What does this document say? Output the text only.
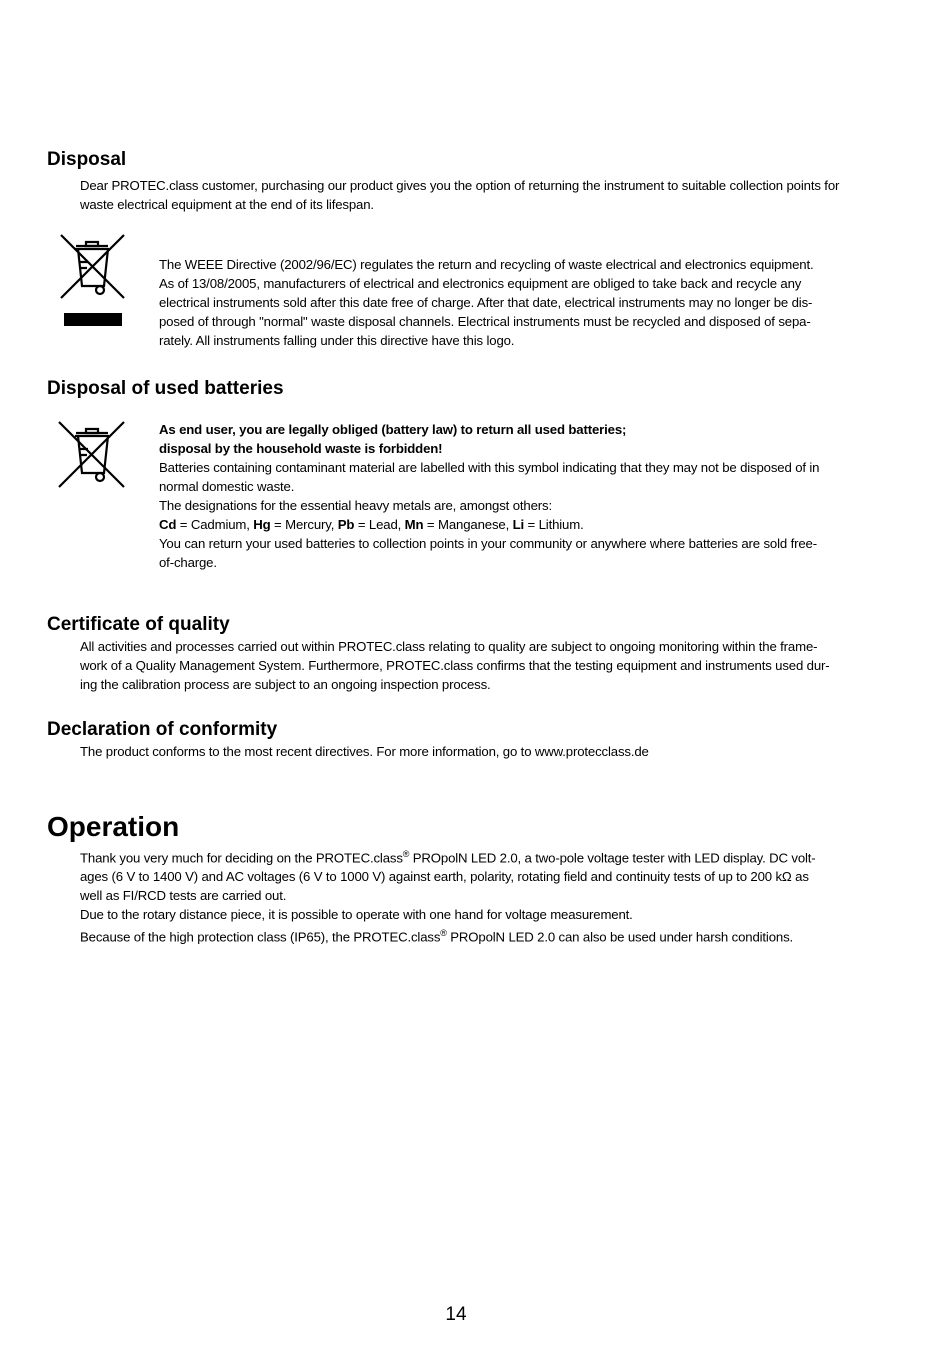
Disposal

Dear PROTEC.class customer, purchasing our product gives you the option of returning the instrument to suitable collection points for waste electrical equipment at the end of its lifespan.

The WEEE Directive (2002/96/EC) regulates the return and recycling of waste electrical and electronics equipment.

As of 13/08/2005, manufacturers of electrical and electronics equipment are obliged to take back and recycle any

electrical instruments sold after this date free of charge. After that date, electrical instruments may no longer be dis-

posed of through "normal" waste disposal channels. Electrical instruments must be recycled and disposed of sepa-

rately. All instruments falling under this directive have this logo.

Disposal of used batteries

As end user, you are legally obliged (battery law) to return all used batteries;

disposal by the household waste is forbidden!

Batteries containing contaminant material are labelled with this symbol indicating that they may not be disposed of in

normal domestic waste.

The designations for the essential heavy metals are, amongst others:

Cd = Cadmium, Hg = Mercury, Pb = Lead, Mn = Manganese, Li = Lithium.

You can return your used batteries to collection points in your community or anywhere where batteries are sold free-

of-charge.

Certificate of quality

All activities and processes carried out within PROTEC.class relating to quality are subject to ongoing monitoring within the frame-

work of a Quality Management System. Furthermore, PROTEC.class confirms that the testing equipment and instruments used dur-

ing the calibration process are subject to an ongoing inspection process.

Declaration of conformity

The product conforms to the most recent directives. For more information, go to www.protecclass.de

Operation

Thank you very much for deciding on the PROTEC.class® PROpolN LED 2.0, a two-pole voltage tester with LED display. DC volt-

ages (6 V to 1400 V) and AC voltages (6 V to 1000 V) against earth, polarity, rotating field and continuity tests of up to 200 kΩ as

well as FI/RCD tests are carried out.

Due to the rotary distance piece, it is possible to operate with one hand for voltage measurement.

Because of the high protection class (IP65), the PROTEC.class® PROpolN LED 2.0 can also be used under harsh conditions.

14
